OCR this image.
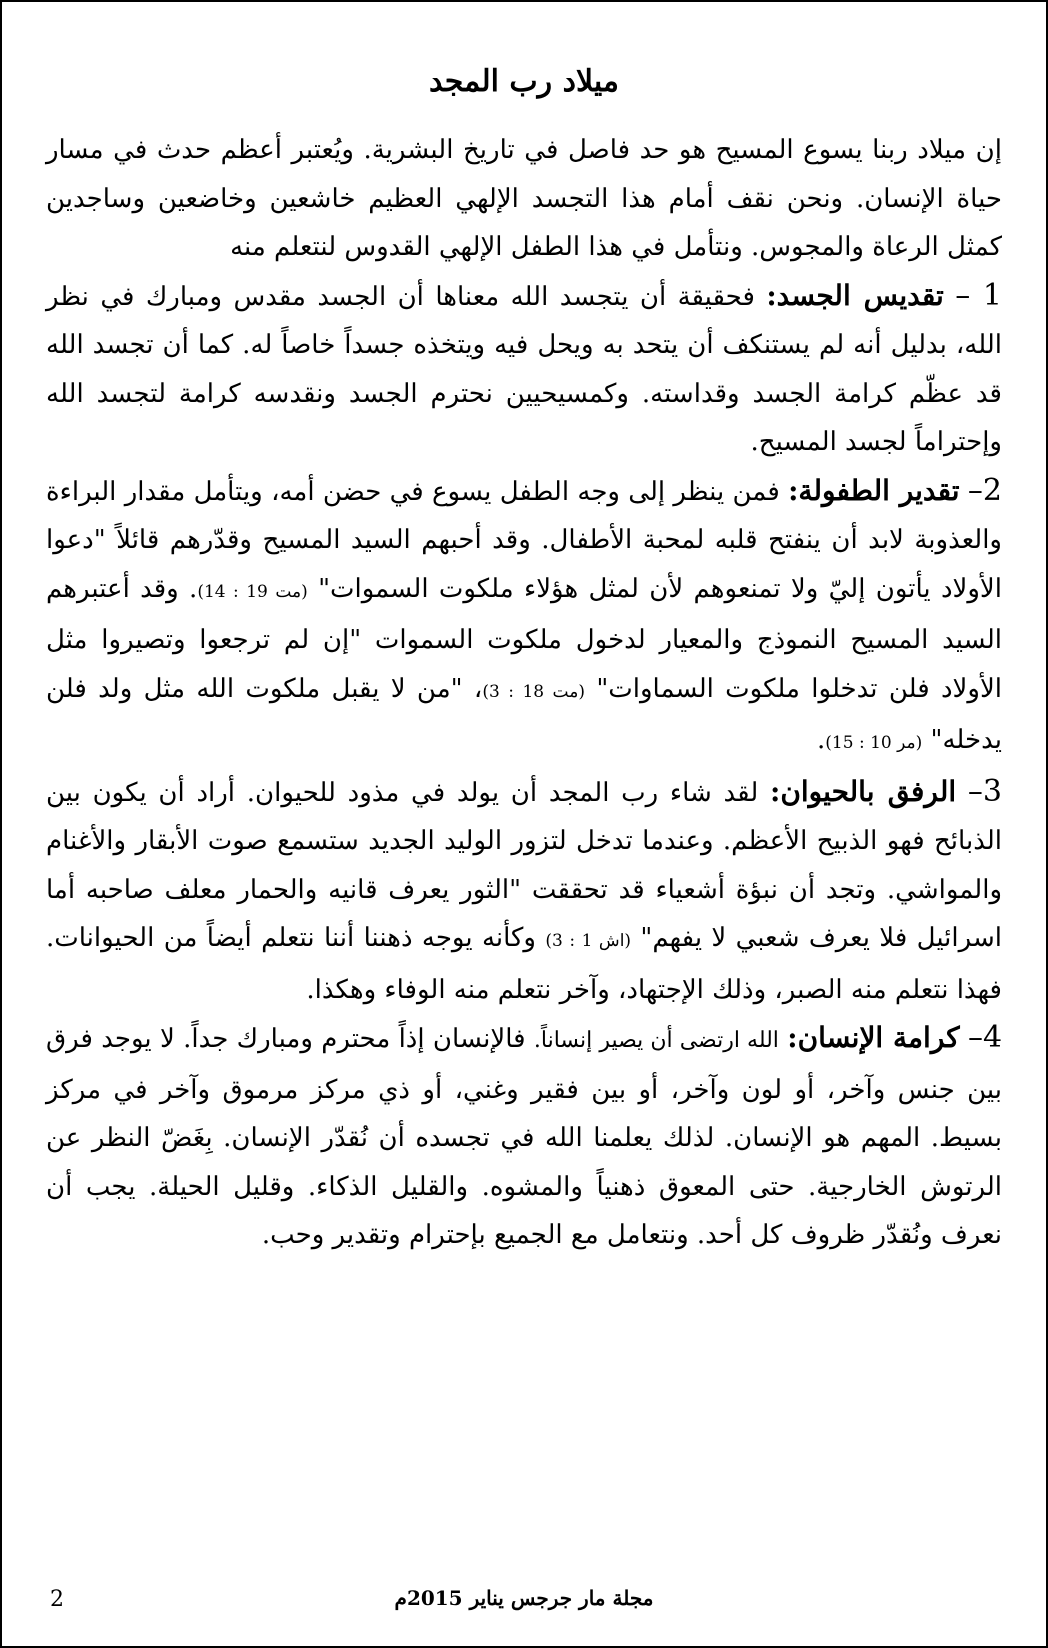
ميلاد رب المجد

إن ميلاد ربنا يسوع المسيح هو حد فاصل في تاريخ البشرية. ويُعتبر أعظم حدث في مسار حياة الإنسان. ونحن نقف أمام هذا التجسد الإلهي العظيم خاشعين وخاضعين وساجدين كمثل الرعاة والمجوس. ونتأمل في هذا الطفل الإلهي القدوس لنتعلم منه

1 – تقديس الجسد: فحقيقة أن يتجسد الله معناها أن الجسد مقدس ومبارك في نظر الله، بدليل أنه لم يستنكف أن يتحد به ويحل فيه ويتخذه جسداً خاصاً له. كما أن تجسد الله قد عظّم كرامة الجسد وقداسته. وكمسيحيين نحترم الجسد ونقدسه كرامة لتجسد الله وإحتراماً لجسد المسيح.

2– تقدير الطفولة: فمن ينظر إلى وجه الطفل يسوع في حضن أمه، ويتأمل مقدار البراءة والعذوبة لابد أن ينفتح قلبه لمحبة الأطفال. وقد أحبهم السيد المسيح وقدّرهم قائلاً "دعوا الأولاد يأتون إليّ ولا تمنعوهم لأن لمثل هؤلاء ملكوت السموات" (مت 19 : 14). وقد أعتبرهم السيد المسيح النموذج والمعيار لدخول ملكوت السموات "إن لم ترجعوا وتصيروا مثل الأولاد فلن تدخلوا ملكوت السماوات" (مت 18 : 3)، "من لا يقبل ملكوت الله مثل ولد فلن يدخله" (مر 10 : 15).

3– الرفق بالحيوان: لقد شاء رب المجد أن يولد في مذود للحيوان. أراد أن يكون بين الذبائح فهو الذبيح الأعظم. وعندما تدخل لتزور الوليد الجديد ستسمع صوت الأبقار والأغنام والمواشي. وتجد أن نبؤة أشعياء قد تحققت "الثور يعرف قانيه والحمار معلف صاحبه أما اسرائيل فلا يعرف شعبي لا يفهم" (اش 1 : 3) وكأنه يوجه ذهننا أننا نتعلم أيضاً من الحيوانات. فهذا نتعلم منه الصبر، وذلك الإجتهاد، وآخر نتعلم منه الوفاء وهكذا.

4– كرامة الإنسان: الله ارتضى أن يصير إنساناً. فالإنسان إذاً محترم ومبارك جداً. لا يوجد فرق بين جنس وآخر، أو لون وآخر، أو بين فقير وغني، أو ذي مركز مرموق وآخر في مركز بسيط. المهم هو الإنسان. لذلك يعلمنا الله في تجسده أن نُقدّر الإنسان. بِغَضّ النظر عن الرتوش الخارجية. حتى المعوق ذهنياً والمشوه. والقليل الذكاء. وقليل الحيلة. يجب أن نعرف ونُقدّر ظروف كل أحد. ونتعامل مع الجميع بإحترام وتقدير وحب.

مجلة مار جرجس يناير 2015م
2
